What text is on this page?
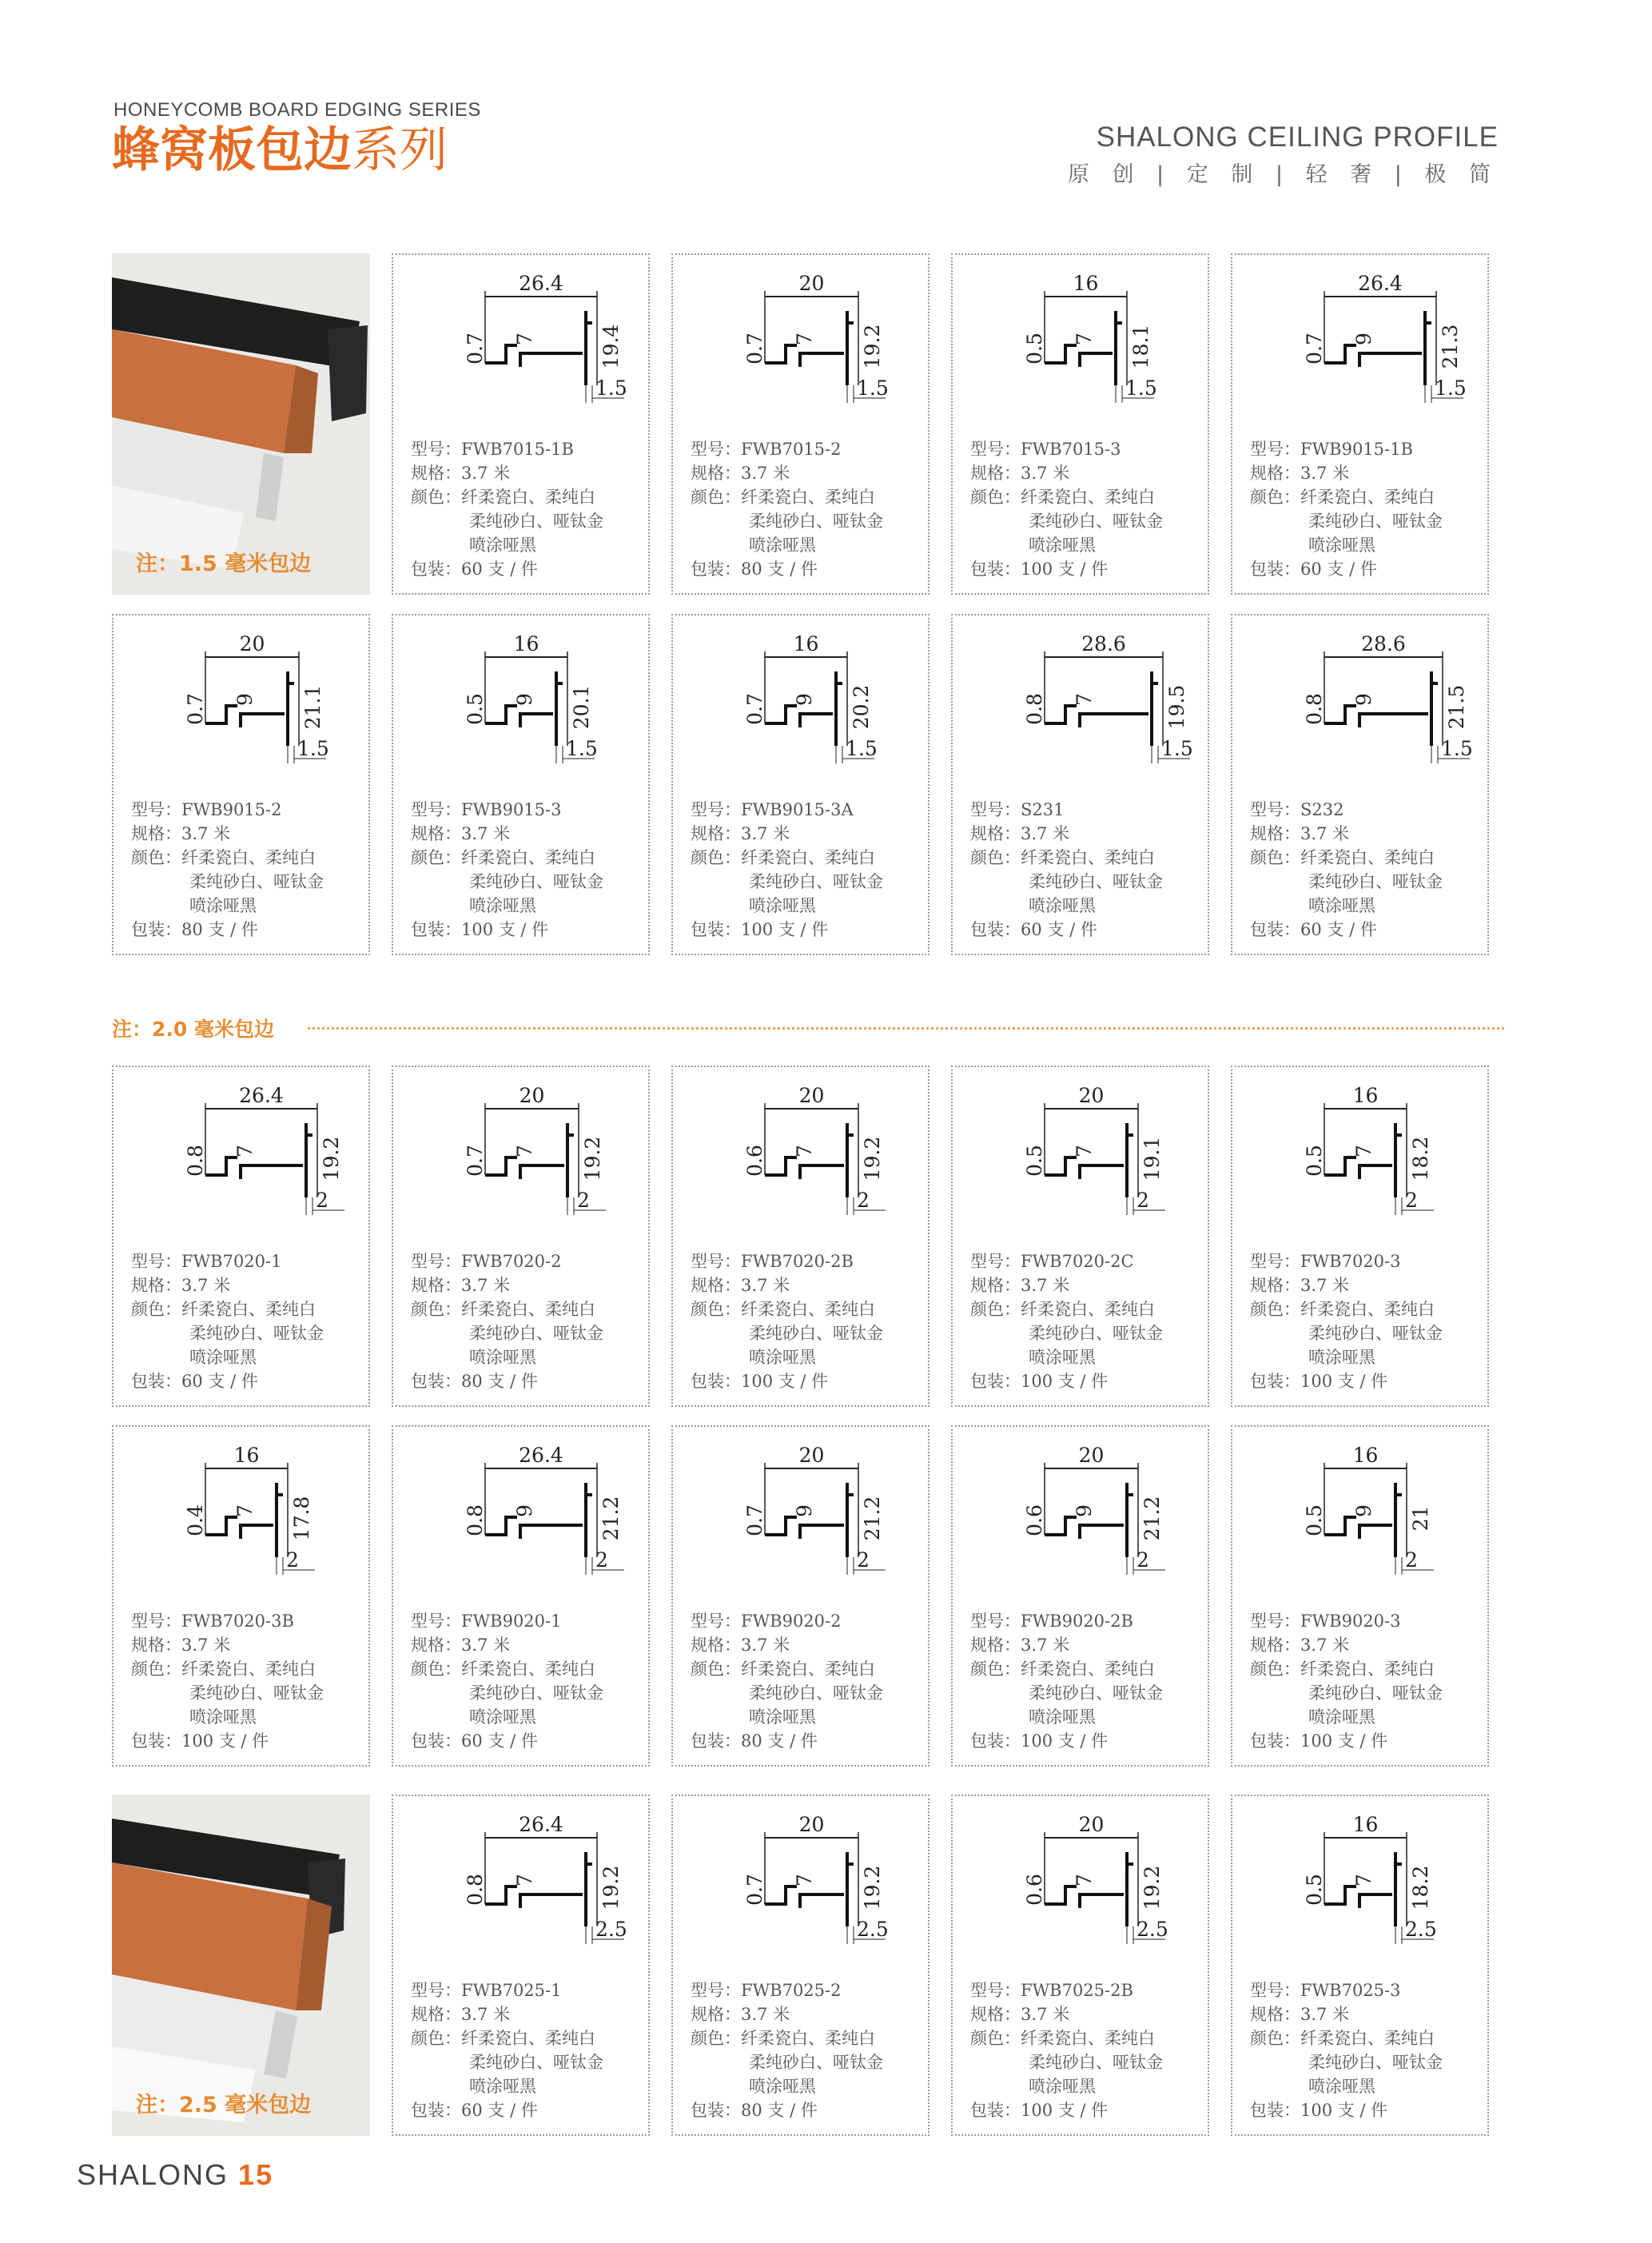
HONEYCOMB BOARD EDGING SERIES
蜂窝板包边系列	SHALONG CEILING PROFILE
原 创 | 定 制 | 轻 奢 | 极 简
注：1.5 毫米包边
注：2.0 毫米包边
注：2.5 毫米包边
26.4
1.5
19.4
0.7 7
型号：FWB7015-1B
规格：3.7 米
颜色：纤柔瓷白、柔纯白
柔纯砂白、哑钛金
喷涂哑黑
包装：60 支 / 件
20
1.5
19.2
0.7 7
型号：FWB7015-2
规格：3.7 米
颜色：纤柔瓷白、柔纯白
柔纯砂白、哑钛金
喷涂哑黑
包装：80 支 / 件
16
1.5
18.1
0.5 7
型号：FWB7015-3
规格：3.7 米
颜色：纤柔瓷白、柔纯白
柔纯砂白、哑钛金
喷涂哑黑
包装：100 支 / 件
26.4
1.5
21.3
0.7 9
型号：FWB9015-1B
规格：3.7 米
颜色：纤柔瓷白、柔纯白
柔纯砂白、哑钛金
喷涂哑黑
包装：60 支 / 件
20
1.5
21.1
0.7 9
型号：FWB9015-2
规格：3.7 米
颜色：纤柔瓷白、柔纯白
柔纯砂白、哑钛金
喷涂哑黑
包装：80 支 / 件
16
1.5
20.1
0.5 9
型号：FWB9015-3
规格：3.7 米
颜色：纤柔瓷白、柔纯白
柔纯砂白、哑钛金
喷涂哑黑
包装：100 支 / 件
16
1.5
20.2
0.7 9
型号：FWB9015-3A
规格：3.7 米
颜色：纤柔瓷白、柔纯白
柔纯砂白、哑钛金
喷涂哑黑
包装：100 支 / 件
28.6
1.5
19.5
0.8 7
型号：S231
规格：3.7 米
颜色：纤柔瓷白、柔纯白
柔纯砂白、哑钛金
喷涂哑黑
包装：60 支 / 件
28.6
1.5
21.5
0.8 9
型号：S232
规格：3.7 米
颜色：纤柔瓷白、柔纯白
柔纯砂白、哑钛金
喷涂哑黑
包装：60 支 / 件
26.4
2
19.2
0.8 7
型号：FWB7020-1
规格：3.7 米
颜色：纤柔瓷白、柔纯白
柔纯砂白、哑钛金
喷涂哑黑
包装：60 支 / 件
20
2
19.2
0.7 7
型号：FWB7020-2
规格：3.7 米
颜色：纤柔瓷白、柔纯白
柔纯砂白、哑钛金
喷涂哑黑
包装：80 支 / 件
20
2
19.2
0.6 7
型号：FWB7020-2B
规格：3.7 米
颜色：纤柔瓷白、柔纯白
柔纯砂白、哑钛金
喷涂哑黑
包装：100 支 / 件
20
2
19.1
0.5 7
型号：FWB7020-2C
规格：3.7 米
颜色：纤柔瓷白、柔纯白
柔纯砂白、哑钛金
喷涂哑黑
包装：100 支 / 件
16
2
18.2
0.5 7
型号：FWB7020-3
规格：3.7 米
颜色：纤柔瓷白、柔纯白
柔纯砂白、哑钛金
喷涂哑黑
包装：100 支 / 件
16
2
17.8
0.4 7
型号：FWB7020-3B
规格：3.7 米
颜色：纤柔瓷白、柔纯白
柔纯砂白、哑钛金
喷涂哑黑
包装：100 支 / 件
26.4
2
21.2
0.8 9
型号：FWB9020-1
规格：3.7 米
颜色：纤柔瓷白、柔纯白
柔纯砂白、哑钛金
喷涂哑黑
包装：60 支 / 件
20
2
21.2
0.7 9
型号：FWB9020-2
规格：3.7 米
颜色：纤柔瓷白、柔纯白
柔纯砂白、哑钛金
喷涂哑黑
包装：80 支 / 件
20
2
21.2
0.6 9
型号：FWB9020-2B
规格：3.7 米
颜色：纤柔瓷白、柔纯白
柔纯砂白、哑钛金
喷涂哑黑
包装：100 支 / 件
16
2
21
0.5 9
型号：FWB9020-3
规格：3.7 米
颜色：纤柔瓷白、柔纯白
柔纯砂白、哑钛金
喷涂哑黑
包装：100 支 / 件
26.4
2.5
19.2
0.8 7
型号：FWB7025-1
规格：3.7 米
颜色：纤柔瓷白、柔纯白
柔纯砂白、哑钛金
喷涂哑黑
包装：60 支 / 件
20
2.5
19.2
0.7 7
型号：FWB7025-2
规格：3.7 米
颜色：纤柔瓷白、柔纯白
柔纯砂白、哑钛金
喷涂哑黑
包装：80 支 / 件
20
2.5
19.2
0.6 7
型号：FWB7025-2B
规格：3.7 米
颜色：纤柔瓷白、柔纯白
柔纯砂白、哑钛金
喷涂哑黑
包装：100 支 / 件
16
2.5
18.2
0.5 7
型号：FWB7025-3
规格：3.7 米
颜色：纤柔瓷白、柔纯白
柔纯砂白、哑钛金
喷涂哑黑
包装：100 支 / 件
SHALONG 15
